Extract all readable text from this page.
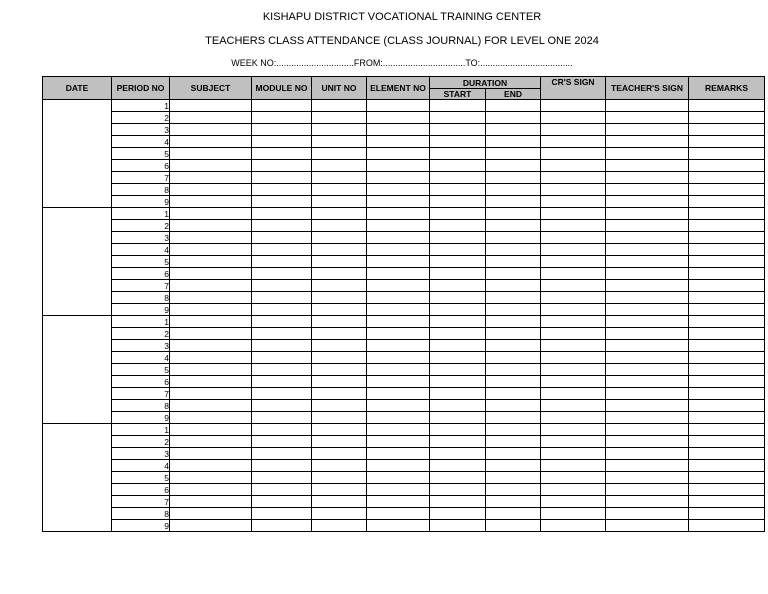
KISHAPU DISTRICT VOCATIONAL TRAINING CENTER
TEACHERS CLASS ATTENDANCE (CLASS JOURNAL) FOR LEVEL ONE 2024
WEEK NO:...............................FROM:.................................TO:.....................................
DATE	PERIOD NO	SUBJECT	MODULE NO	UNIT NO	ELEMENT NO	DURATION		CR'S SIGN	TEACHER'S SIGN	REMARKS
						START	END			
	1									
	2									
	3									
	4									
	5									
	6									
	7									
	8									
	9									
	1									
	2									
	3									
	4									
	5									
	6									
	7									
	8									
	9									
	1									
	2									
	3									
	4									
	5									
	6									
	7									
	8									
	9									
	1									
	2									
	3									
	4									
	5									
	6									
	7									
	8									
	9									
